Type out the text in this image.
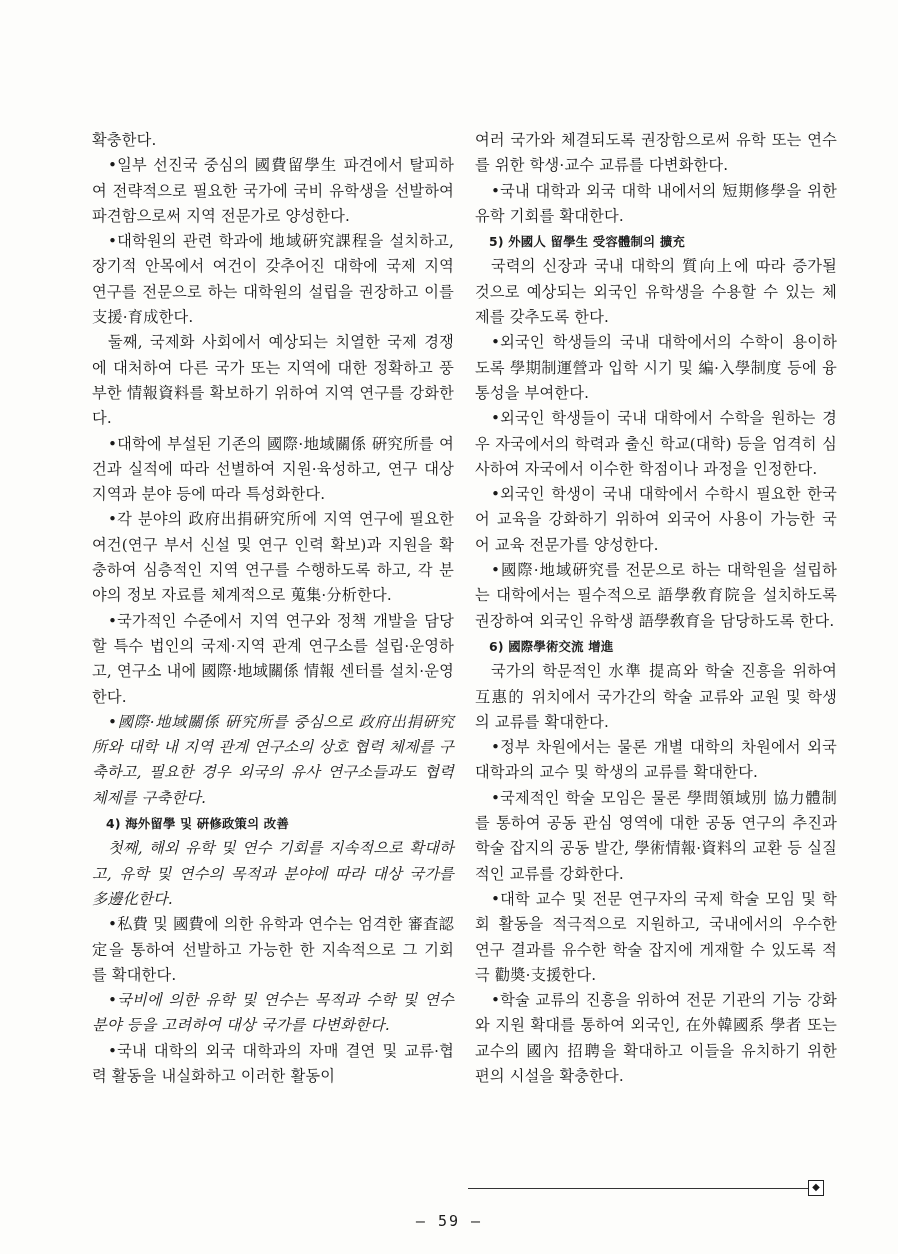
확충한다.

•일부 선진국 중심의 國費留學生 파견에서 탈피하여 전략적으로 필요한 국가에 국비 유학생을 선발하여 파견함으로써 지역 전문가로 양성한다.

•대학원의 관련 학과에 地域硏究課程을 설치하고, 장기적 안목에서 여건이 갖추어진 대학에 국제 지역 연구를 전문으로 하는 대학원의 설립을 권장하고 이를 支援·育成한다.

둘째, 국제화 사회에서 예상되는 치열한 국제 경쟁에 대처하여 다른 국가 또는 지역에 대한 정확하고 풍부한 情報資料를 확보하기 위하여 지역 연구를 강화한다.

•대학에 부설된 기존의 國際·地域關係 硏究所를 여건과 실적에 따라 선별하여 지원·육성하고, 연구 대상 지역과 분야 등에 따라 특성화한다.

•각 분야의 政府出捐硏究所에 지역 연구에 필요한 여건(연구 부서 신설 및 연구 인력 확보)과 지원을 확충하여 심층적인 지역 연구를 수행하도록 하고, 각 분야의 정보 자료를 체계적으로 蒐集·分析한다.

•국가적인 수준에서 지역 연구와 정책 개발을 담당할 특수 법인의 국제·지역 관계 연구소를 설립·운영하고, 연구소 내에 國際·地域關係 情報 센터를 설치·운영한다.

•國際·地域關係 硏究所를 중심으로 政府出捐硏究所와 대학 내 지역 관계 연구소의 상호 협력 체제를 구축하고, 필요한 경우 외국의 유사 연구소들과도 협력 체제를 구축한다.

4) 海外留學 및 硏修政策의 改善

첫째, 해외 유학 및 연수 기회를 지속적으로 확대하고, 유학 및 연수의 목적과 분야에 따라 대상 국가를 多邊化한다.

•私費 및 國費에 의한 유학과 연수는 엄격한 審査認定을 통하여 선발하고 가능한 한 지속적으로 그 기회를 확대한다.

•국비에 의한 유학 및 연수는 목적과 수학 및 연수 분야 등을 고려하여 대상 국가를 다변화한다.

•국내 대학의 외국 대학과의 자매 결연 및 교류·협력 활동을 내실화하고 이러한 활동이

여러 국가와 체결되도록 권장함으로써 유학 또는 연수를 위한 학생·교수 교류를 다변화한다.

•국내 대학과 외국 대학 내에서의 短期修學을 위한 유학 기회를 확대한다.

5) 外國人 留學生 受容體制의 擴充

국력의 신장과 국내 대학의 質向上에 따라 증가될 것으로 예상되는 외국인 유학생을 수용할 수 있는 체제를 갖추도록 한다.

•외국인 학생들의 국내 대학에서의 수학이 용이하도록 學期制運營과 입학 시기 및 編·入學制度 등에 융통성을 부여한다.

•외국인 학생들이 국내 대학에서 수학을 원하는 경우 자국에서의 학력과 출신 학교(대학) 등을 엄격히 심사하여 자국에서 이수한 학점이나 과정을 인정한다.

•외국인 학생이 국내 대학에서 수학시 필요한 한국어 교육을 강화하기 위하여 외국어 사용이 가능한 국어 교육 전문가를 양성한다.

•國際·地域硏究를 전문으로 하는 대학원을 설립하는 대학에서는 필수적으로 語學敎育院을 설치하도록 권장하여 외국인 유학생 語學敎育을 담당하도록 한다.

6) 國際學術交流 增進

국가의 학문적인 水準 提高와 학술 진흥을 위하여 互惠的 위치에서 국가간의 학술 교류와 교원 및 학생의 교류를 확대한다.

•정부 차원에서는 물론 개별 대학의 차원에서 외국 대학과의 교수 및 학생의 교류를 확대한다.

•국제적인 학술 모임은 물론 學問領域別 協力體制를 통하여 공동 관심 영역에 대한 공동 연구의 추진과 학술 잡지의 공동 발간, 學術情報·資料의 교환 등 실질적인 교류를 강화한다.

•대학 교수 및 전문 연구자의 국제 학술 모임 및 학회 활동을 적극적으로 지원하고, 국내에서의 우수한 연구 결과를 유수한 학술 잡지에 게재할 수 있도록 적극 勸奬·支援한다.

•학술 교류의 진흥을 위하여 전문 기관의 기능 강화와 지원 확대를 통하여 외국인, 在外韓國系 學者 또는 교수의 國內 招聘을 확대하고 이들을 유치하기 위한 편의 시설을 확충한다.

◆
— 59 —
